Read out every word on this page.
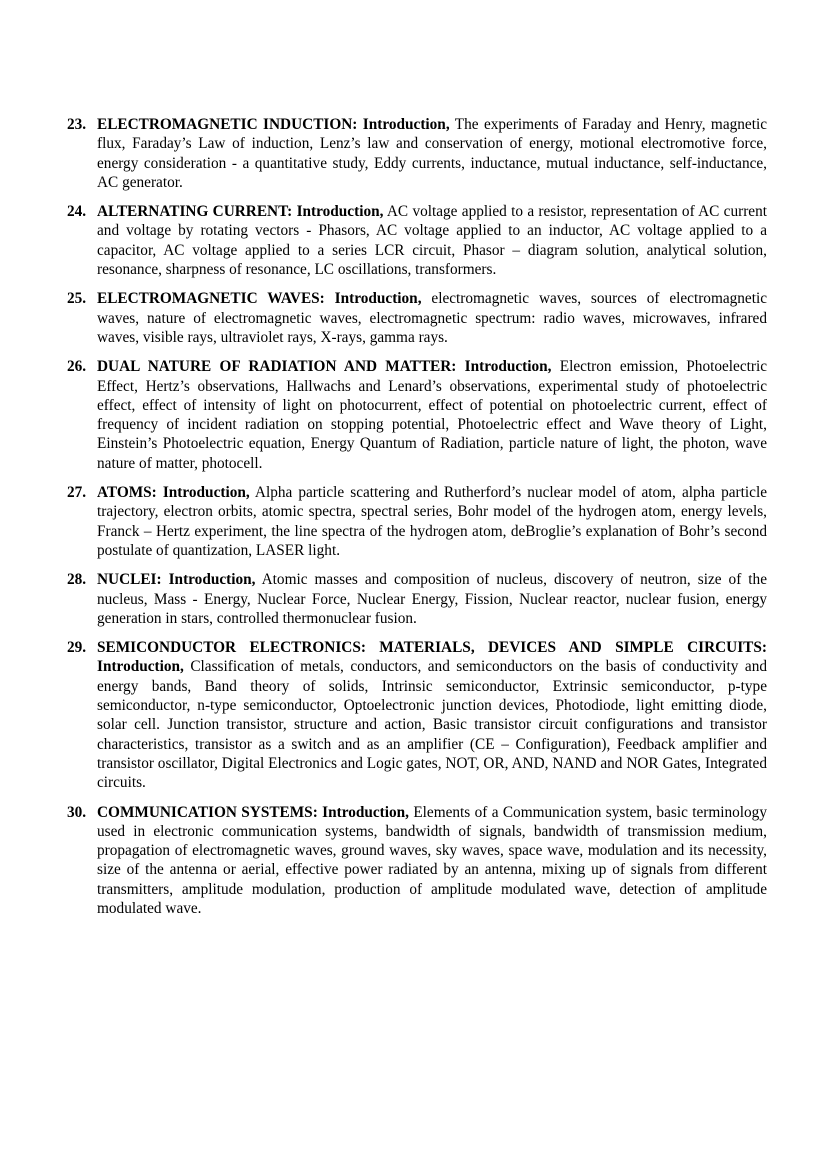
23. ELECTROMAGNETIC INDUCTION: Introduction, The experiments of Faraday and Henry, magnetic flux, Faraday’s Law of induction, Lenz’s law and conservation of energy, motional electromotive force, energy consideration - a quantitative study, Eddy currents, inductance, mutual inductance, self-inductance, AC generator.
24. ALTERNATING CURRENT: Introduction, AC voltage applied to a resistor, representation of AC current and voltage by rotating vectors - Phasors, AC voltage applied to an inductor, AC voltage applied to a capacitor, AC voltage applied to a series LCR circuit, Phasor – diagram solution, analytical solution, resonance, sharpness of resonance, LC oscillations, transformers.
25. ELECTROMAGNETIC WAVES: Introduction, electromagnetic waves, sources of electromagnetic waves, nature of electromagnetic waves, electromagnetic spectrum: radio waves, microwaves, infrared waves, visible rays, ultraviolet rays, X-rays, gamma rays.
26. DUAL NATURE OF RADIATION AND MATTER: Introduction, Electron emission, Photoelectric Effect, Hertz’s observations, Hallwachs and Lenard’s observations, experimental study of photoelectric effect, effect of intensity of light on photocurrent, effect of potential on photoelectric current, effect of frequency of incident radiation on stopping potential, Photoelectric effect and Wave theory of Light, Einstein’s Photoelectric equation, Energy Quantum of Radiation, particle nature of light, the photon, wave nature of matter, photocell.
27. ATOMS: Introduction, Alpha particle scattering and Rutherford’s nuclear model of atom, alpha particle trajectory, electron orbits, atomic spectra, spectral series, Bohr model of the hydrogen atom, energy levels, Franck – Hertz experiment, the line spectra of the hydrogen atom, deBroglie’s explanation of Bohr’s second postulate of quantization, LASER light.
28. NUCLEI: Introduction, Atomic masses and composition of nucleus, discovery of neutron, size of the nucleus, Mass - Energy, Nuclear Force, Nuclear Energy, Fission, Nuclear reactor, nuclear fusion, energy generation in stars, controlled thermonuclear fusion.
29. SEMICONDUCTOR ELECTRONICS: MATERIALS, DEVICES AND SIMPLE CIRCUITS: Introduction, Classification of metals, conductors, and semiconductors on the basis of conductivity and energy bands, Band theory of solids, Intrinsic semiconductor, Extrinsic semiconductor, p-type semiconductor, n-type semiconductor, Optoelectronic junction devices, Photodiode, light emitting diode, solar cell. Junction transistor, structure and action, Basic transistor circuit configurations and transistor characteristics, transistor as a switch and as an amplifier (CE – Configuration), Feedback amplifier and transistor oscillator, Digital Electronics and Logic gates, NOT, OR, AND, NAND and NOR Gates, Integrated circuits.
30. COMMUNICATION SYSTEMS: Introduction, Elements of a Communication system, basic terminology used in electronic communication systems, bandwidth of signals, bandwidth of transmission medium, propagation of electromagnetic waves, ground waves, sky waves, space wave, modulation and its necessity, size of the antenna or aerial, effective power radiated by an antenna, mixing up of signals from different transmitters, amplitude modulation, production of amplitude modulated wave, detection of amplitude modulated wave.
